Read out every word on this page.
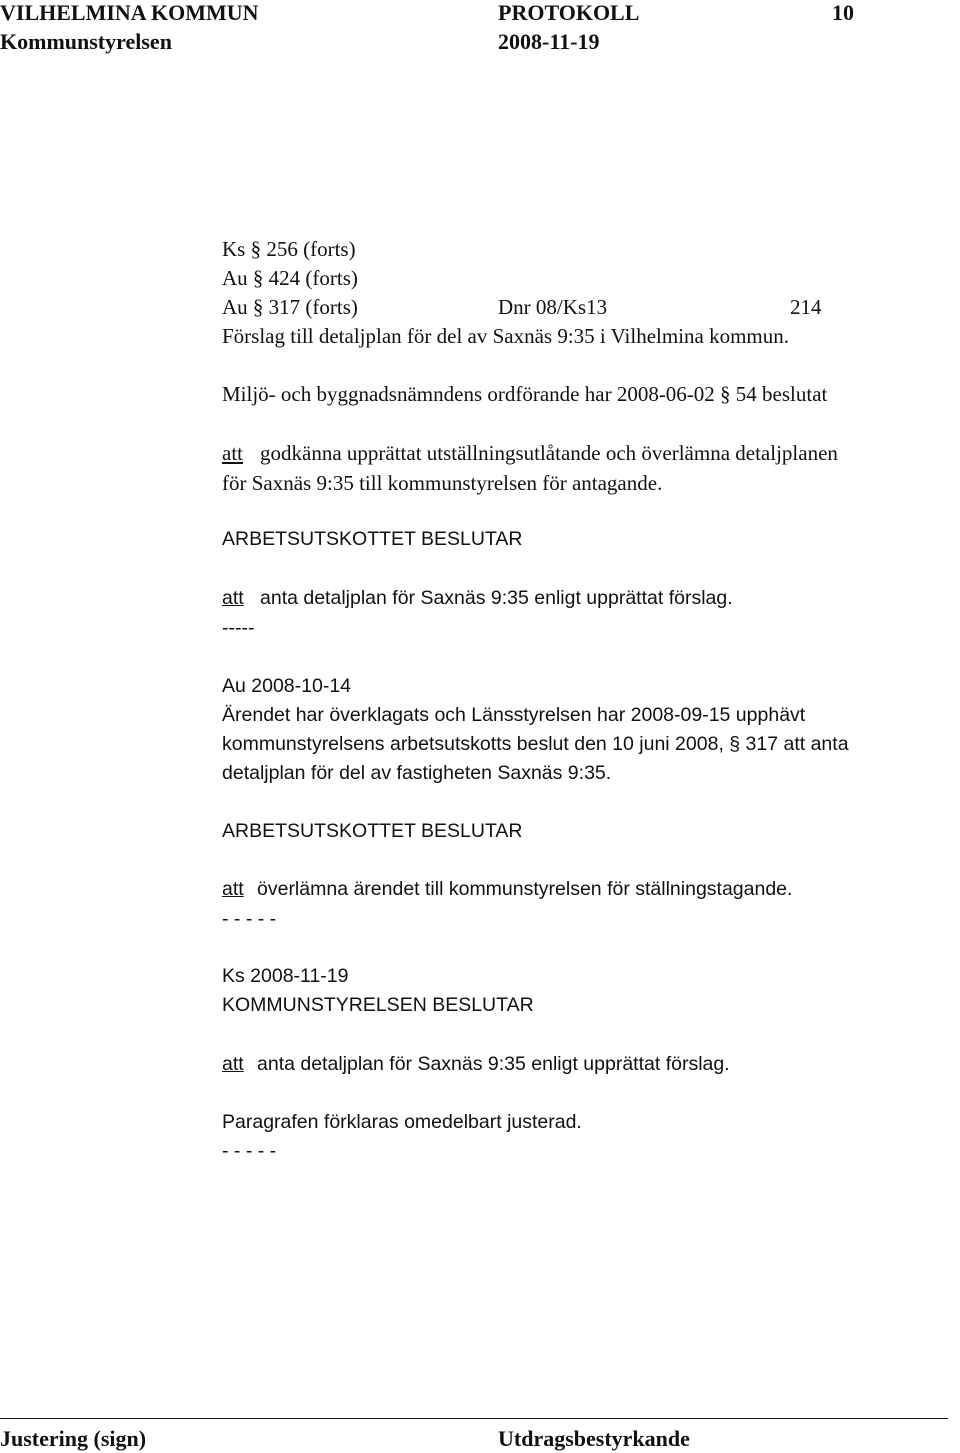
VILHELMINA KOMMUN	PROTOKOLL	10
Kommunstyrelsen	2008-11-19
Ks § 256 (forts)
Au § 424 (forts)
Au § 317 (forts)	Dnr 08/Ks13	214
Förslag till detaljplan för del av Saxnäs 9:35 i Vilhelmina kommun.
Miljö- och byggnadsnämndens ordförande har 2008-06-02 § 54 beslutat
att godkänna upprättat utställningsutlåtande och överlämna detaljplanen
för Saxnäs 9:35 till kommunstyrelsen för antagande.
ARBETSUTSKOTTET BESLUTAR
att anta detaljplan för Saxnäs 9:35 enligt upprättat förslag.
-----
Au 2008-10-14
Ärendet har överklagats och Länsstyrelsen har 2008-09-15 upphävt
kommunstyrelsens arbetsutskotts beslut den 10 juni 2008, § 317 att anta
detaljplan för del av fastigheten Saxnäs 9:35.
ARBETSUTSKOTTET BESLUTAR
att överlämna ärendet till kommunstyrelsen för ställningstagande.
- - - - -
Ks 2008-11-19
KOMMUNSTYRELSEN BESLUTAR
att anta detaljplan för Saxnäs 9:35 enligt upprättat förslag.
Paragrafen förklaras omedelbart justerad.
- - - - -
Justering (sign)	Utdragsbestyrkande
